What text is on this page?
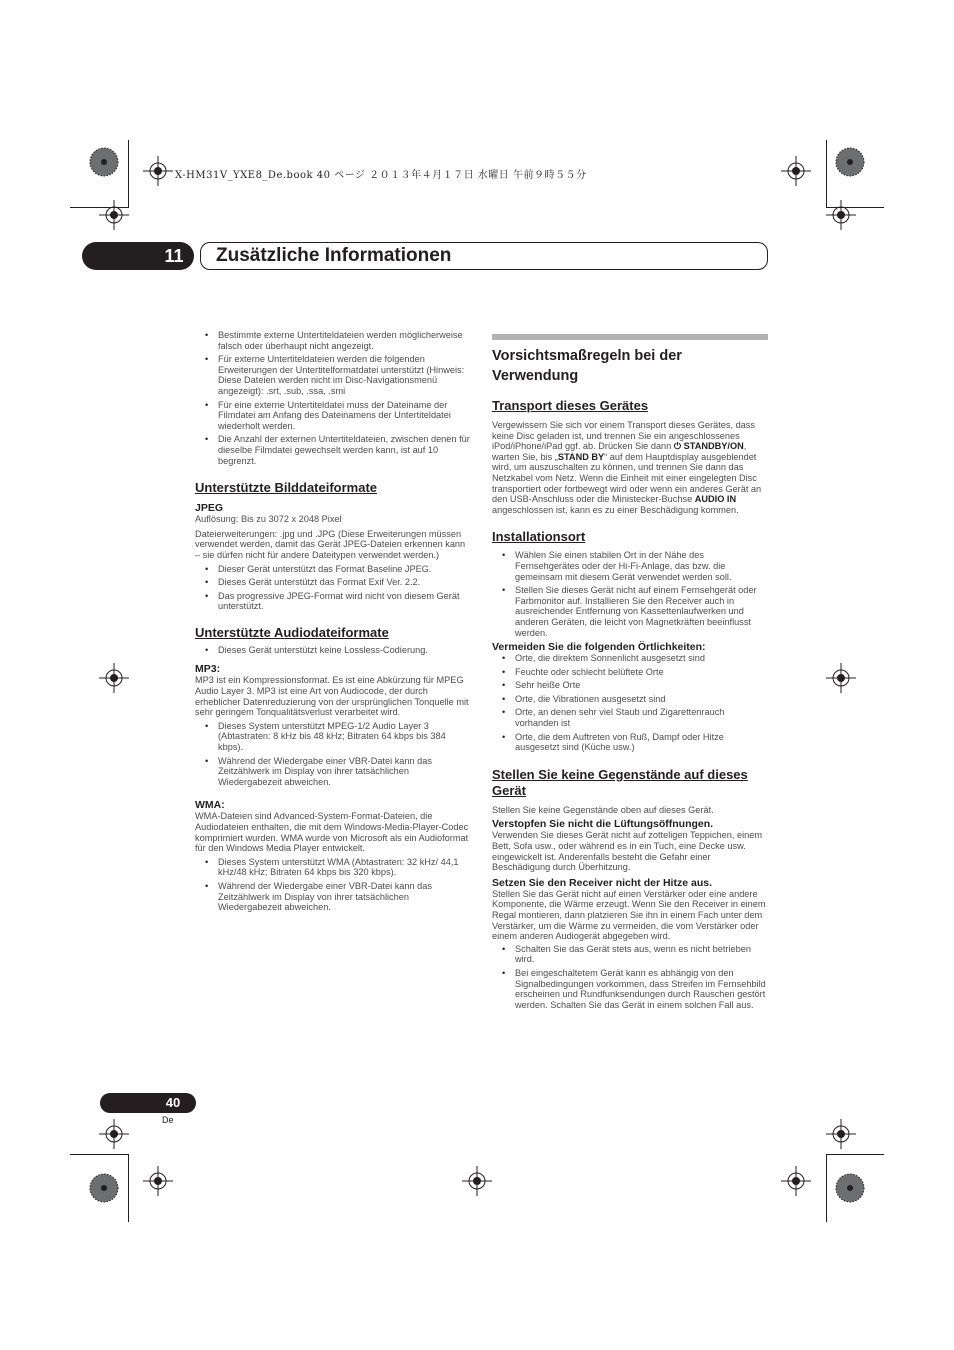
X-HM31V_YXE8_De.book 40 ページ ２０１３年４月１７日 水曜日 午前９時５５分
11 Zusätzliche Informationen
• Bestimmte externe Untertiteldateien werden möglicherweise falsch oder überhaupt nicht angezeigt.
• Für externe Untertiteldateien werden die folgenden Erweiterungen der Untertitelformatdatei unterstützt (Hinweis: Diese Dateien werden nicht im Disc-Navigationsmenü angezeigt): .srt, .sub, .ssa, .smi
• Für eine externe Untertiteldatei muss der Dateiname der Filmdatei am Anfang des Dateinamens der Untertiteldatei wiederholt werden.
• Die Anzahl der externen Untertiteldateien, zwischen denen für dieselbe Filmdatei gewechselt werden kann, ist auf 10 begrenzt.
Unterstützte Bilddateiformate
JPEG

Auflösung: Bis zu 3072 x 2048 Pixel

Dateierweiterungen: .jpg und .JPG (Diese Erweiterungen müssen verwendet werden, damit das Gerät JPEG-Dateien erkennen kann – sie dürfen nicht für andere Dateitypen verwendet werden.)

• Dieser Gerät unterstützt das Format Baseline JPEG.
• Dieses Gerät unterstützt das Format Exif Ver. 2.2.
• Das progressive JPEG-Format wird nicht von diesem Gerät unterstützt.
Unterstützte Audiodateiformate
• Dieses Gerät unterstützt keine Lossless-Codierung.
MP3:

MP3 ist ein Kompressionsformat. Es ist eine Abkürzung für MPEG Audio Layer 3. MP3 ist eine Art von Audiocode, der durch erheblicher Datenreduzierung von der ursprünglichen Tonquelle mit sehr geringem Tonqualitätsverlust verarbeitet wird.

• Dieses System unterstützt MPEG-1/2 Audio Layer 3 (Abtastraten: 8 kHz bis 48 kHz; Bitraten 64 kbps bis 384 kbps).
• Während der Wiedergabe einer VBR-Datei kann das Zeitzählwerk im Display von ihrer tatsächlichen Wiedergabezeit abweichen.
WMA:

WMA-Dateien sind Advanced-System-Format-Dateien, die Audiodateien enthalten, die mit dem Windows-Media-Player-Codec komprimiert wurden. WMA wurde von Microsoft als ein Audioformat für den Windows Media Player entwickelt.

• Dieses System unterstützt WMA (Abtastraten: 32 kHz/ 44,1 kHz/48 kHz; Bitraten 64 kbps bis 320 kbps).
• Während der Wiedergabe einer VBR-Datei kann das Zeitzählwerk im Display von ihrer tatsächlichen Wiedergabezeit abweichen.
Vorsichtsmaßregeln bei der Verwendung
Transport dieses Gerätes

Vergewissern Sie sich vor einem Transport dieses Gerätes, dass keine Disc geladen ist, und trennen Sie ein angeschlossenes iPod/iPhone/iPad ggf. ab. Drücken Sie dann ⏻ STANDBY/ON, warten Sie, bis „STAND BY“ auf dem Hauptdisplay ausgeblendet wird, um auszuschalten zu können, und trennen Sie dann das Netzkabel vom Netz. Wenn die Einheit mit einer eingelegten Disc transportiert oder fortbewegt wird oder wenn ein anderes Gerät an den USB-Anschluss oder die Ministecker-Buchse AUDIO IN angeschlossen ist, kann es zu einer Beschädigung kommen.

Installationsort
• Wählen Sie einen stabilen Ort in der Nähe des Fernsehgerätes oder der Hi-Fi-Anlage, das bzw. die gemeinsam mit diesem Gerät verwendet werden soll.
• Stellen Sie dieses Gerät nicht auf einem Fernsehgerät oder Farbmonitor auf. Installieren Sie den Receiver auch in ausreichender Entfernung von Kassettenlaufwerken und anderen Geräten, die leicht von Magnetkräften beeinflusst werden.
Vermeiden Sie die folgenden Örtlichkeiten:
• Orte, die direktem Sonnenlicht ausgesetzt sind
• Feuchte oder schlecht belüftete Orte
• Sehr heiße Orte
• Orte, die Vibrationen ausgesetzt sind
• Orte, an denen sehr viel Staub und Zigarettenrauch vorhanden ist
• Orte, die dem Auftreten von Ruß, Dampf oder Hitze ausgesetzt sind (Küche usw.)
Stellen Sie keine Gegenstände auf dieses Gerät

Stellen Sie keine Gegenstände oben auf dieses Gerät.

Verstopfen Sie nicht die Lüftungsöffnungen.

Verwenden Sie dieses Gerät nicht auf zotteligen Teppichen, einem Bett, Sofa usw., oder während es in ein Tuch, eine Decke usw. eingewickelt ist. Anderenfalls besteht die Gefahr einer Beschädigung durch Überhitzung.

Setzen Sie den Receiver nicht der Hitze aus.

Stellen Sie das Gerät nicht auf einen Verstärker oder eine andere Komponente, die Wärme erzeugt. Wenn Sie den Receiver in einem Regal montieren, dann platzieren Sie ihn in einem Fach unter dem Verstärker, um die Wärme zu vermeiden, die vom Verstärker oder einem anderen Audiogerät abgegeben wird.

• Schalten Sie das Gerät stets aus, wenn es nicht betrieben wird.
• Bei eingeschaltetem Gerät kann es abhängig von den Signalbedingungen vorkommen, dass Streifen im Fernsehbild erscheinen und Rundfunksendungen durch Rauschen gestört werden. Schalten Sie das Gerät in einem solchen Fall aus.
40
De
